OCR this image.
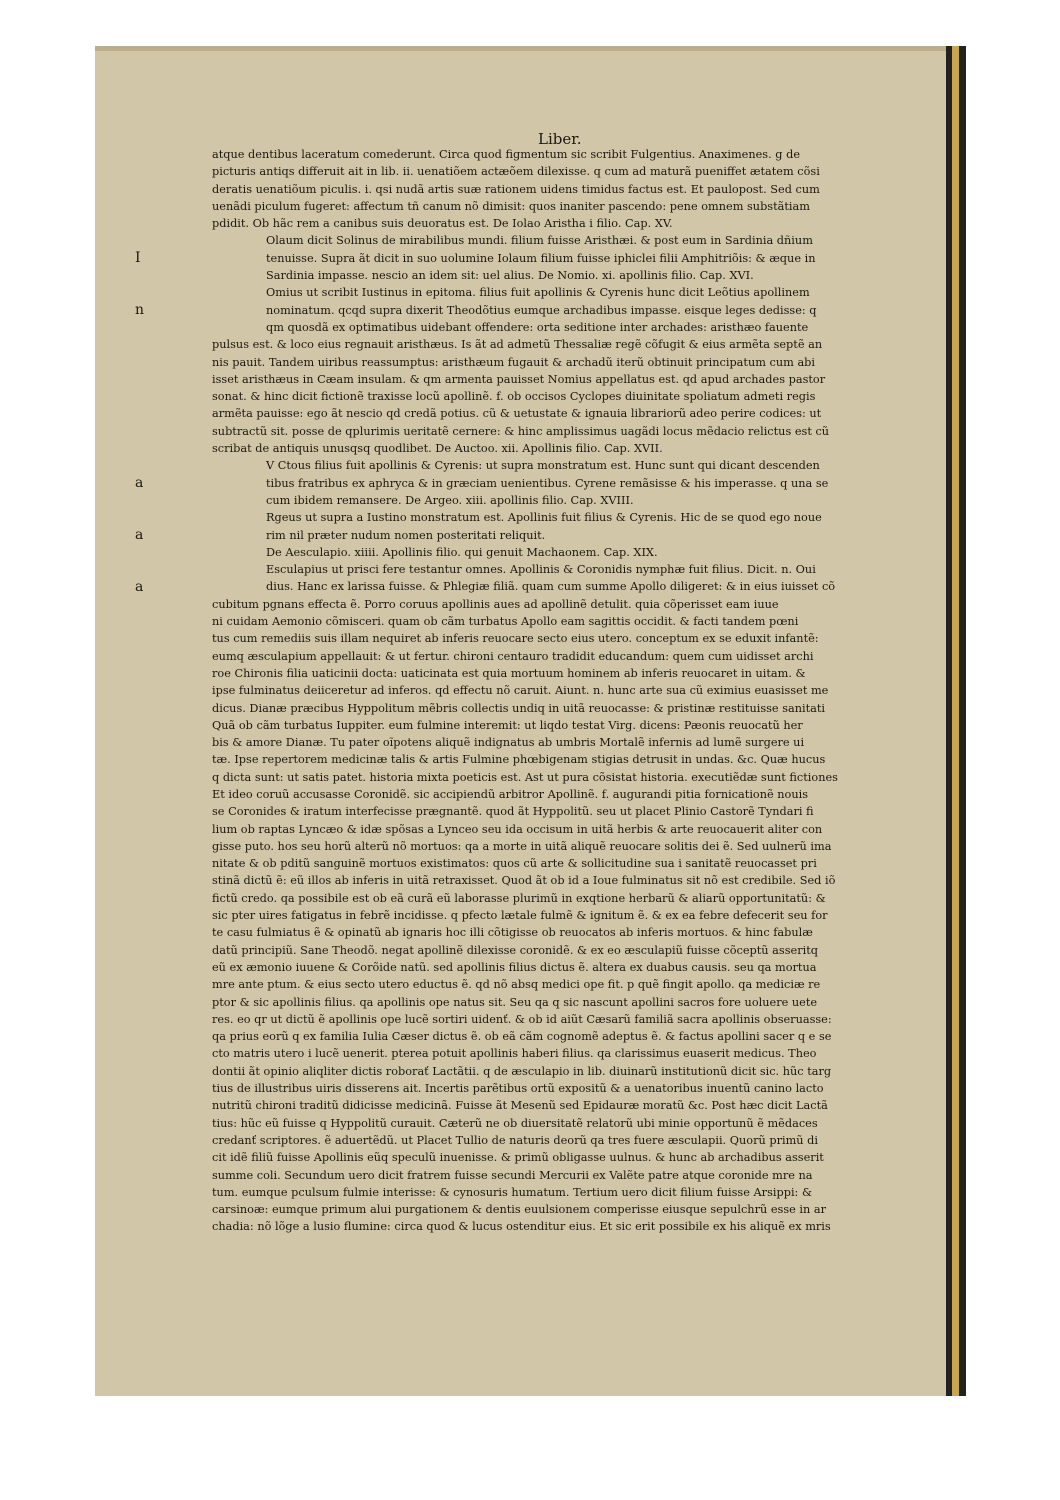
Liber.
atque dentibus laceratum comederunt. Circa quod figmentum sic scribit Fulgentius. Anaximenes. g de
picturis antiqs differuit ait in lib. ii. uenatiõem actæõem dilexisse. q cum ad maturã pueniffet ætatem cõsi
deratis uenatiõum piculis. i. qsi nudã artis suæ rationem uidens timidus factus est. Et paulopost. Sed cum
uenãdi piculum fugeret: affectum tñ canum nõ dimisit: quos inaniter pascendo: pene omnem substãtiam
pdidit. Ob hãc rem a canibus suis deuoratus est. De Iolao Aristha i filio. Cap. XV.
Olaum dicit Solinus de mirabilibus mundi. filium fuisse Aristhæi. & post eum in Sardinia dñium
tenuisse. Supra ãt dicit in suo uolumine Iolaum filium fuisse iphiclei filii Amphitriõis: & æque in
Sardinia impasse. nescio an idem sit: uel alius. De Nomio. xi. apollinis filio. Cap. XVI.
Omius ut scribit Iustinus in epitoma. filius fuit apollinis & Cyrenis hunc dicit Leõtius apollinem
nominatum. qcqd supra dixerit Theodõtius eumque archadibus impasse. eisque leges dedisse: q
qm quosdã ex optimatibus uidebant offendere: orta seditione inter archades: aristhæo fauente
pulsus est. & loco eius regnauit aristhæus. Is ãt ad admetũ Thessaliæ regẽ cõfugit & eius armẽta septẽ an
nis pauit. Tandem uiribus reassumptus: aristhæum fugauit & archadũ iterũ obtinuit principatum cum abi
isset aristhæus in Cæam insulam. & qm armenta pauisset Nomius appellatus est. qd apud archades pastor
sonat. & hinc dicit fictionẽ traxisse locũ apollinẽ. f. ob occisos Cyclopes diuinitate spoliatum admeti regis
armẽta pauisse: ego ãt nescio qd credã potius. cũ & uetustate & ignauia librariorũ adeo perire codices: ut
subtractũ sit. posse de qplurimis ueritatẽ cernere: & hinc amplissimus uagãdi locus mẽdacio relictus est cũ
scribat de antiquis unusqsq quodlibet. De Auctoo. xii. Apollinis filio. Cap. XVII.
V Ctous filius fuit apollinis & Cyrenis: ut supra monstratum est. Hunc sunt qui dicant descenden
tibus fratribus ex aphryca & in græciam uenientibus. Cyrene remãsisse & his imperasse. q una se
cum ibidem remansere. De Argeo. xiii. apollinis filio. Cap. XVIII.
Rgeus ut supra a Iustino monstratum est. Apollinis fuit filius & Cyrenis. Hic de se quod ego noue
rim nil præter nudum nomen posteritati reliquit.
De Aesculapio. xiiii. Apollinis filio. qui genuit Machaonem. Cap. XIX.
Esculapius ut prisci fere testantur omnes. Apollinis & Coronidis nymphæ fuit filius. Dicit. n. Oui
dius. Hanc ex larissa fuisse. & Phlegiæ filiã. quam cum summe Apollo diligeret: & in eius iuisset cõ
cubitum pgnans effecta ẽ. Porro coruus apollinis aues ad apollinẽ detulit. quia cõperisset eam iuue
ni cuidam Aemonio cõmisceri. quam ob cãm turbatus Apollo eam sagittis occidit. & facti tandem pœni
tus cum remediis suis illam nequiret ab inferis reuocare secto eius utero. conceptum ex se eduxit infantẽ:
eumq æsculapium appellauit: & ut fertur. chironi centauro tradidit educandum: quem cum uidisset archi
roe Chironis filia uaticinii docta: uaticinata est quia mortuum hominem ab inferis reuocaret in uitam. &
ipse fulminatus deiiceretur ad inferos. qd effectu nõ caruit. Aiunt. n. hunc arte sua cũ eximius euasisset me
dicus. Dianæ præcibus Hyppolitum mẽbris collectis undiq in uitã reuocasse: & pristinæ restituisse sanitati
Quã ob cãm turbatus Iuppiter. eum fulmine interemit: ut liqdo testat Virg. dicens: Pæonis reuocatũ her
bis & amore Dianæ. Tu pater oĩpotens aliquẽ indignatus ab umbris Mortalẽ infernis ad lumẽ surgere ui
tæ. Ipse repertorem medicinæ talis & artis Fulmine phœbigenam stigias detrusit in undas. &c. Quæ hucus
q dicta sunt: ut satis patet. historia mixta poeticis est. Ast ut pura cõsistat historia. executiẽdæ sunt fictiones
Et ideo coruũ accusasse Coronidẽ. sic accipiendũ arbitror Apollinẽ. f. augurandi pitia fornicationẽ nouis
se Coronides & iratum interfecisse prægnantẽ. quod ãt Hyppolitũ. seu ut placet Plinio Castorẽ Tyndari fi
lium ob raptas Lyncæo & idæ spõsas a Lynceo seu ida occisum in uitã herbis & arte reuocauerit aliter con
gisse puto. hos seu horũ alterũ nõ mortuos: qa a morte in uitã aliquẽ reuocare solitis dei ẽ. Sed uulnerũ ima
nitate & ob pditũ sanguinẽ mortuos existimatos: quos cũ arte & sollicitudine sua i sanitatẽ reuocasset pri
stinã dictũ ẽ: eũ illos ab inferis in uitã retraxisset. Quod ãt ob id a Ioue fulminatus sit nõ est credibile. Sed iõ
fictũ credo. qa possibile est ob eã curã eũ laborasse plurimũ in exqtione herbarũ & aliarũ opportunitatũ: &
sic pter uires fatigatus in febrẽ incidisse. q pfecto lætale fulmẽ & ignitum ẽ. & ex ea febre defecerit seu for
te casu fulmiatus ẽ & opinatũ ab ignaris hoc illi cõtigisse ob reuocatos ab inferis mortuos. & hinc fabulæ
datũ principiũ. Sane Theodõ. negat apollinẽ dilexisse coronidẽ. & ex eo æsculapiũ fuisse cõceptũ asseritq
eũ ex æmonio iuuene & Corõide natũ. sed apollinis filius dictus ẽ. altera ex duabus causis. seu qa mortua
mre ante ptum. & eius secto utero eductus ẽ. qd nõ absq medici ope fit. p quẽ fingit apollo. qa mediciæ re
ptor & sic apollinis filius. qa apollinis ope natus sit. Seu qa q sic nascunt apollini sacros fore uoluere uete
res. eo qr ut dictũ ẽ apollinis ope lucẽ sortiri uidenť. & ob id aiũt Cæsarũ familiã sacra apollinis obseruasse:
qa prius eorũ q ex familia Iulia Cæser dictus ẽ. ob eã cãm cognomẽ adeptus ẽ. & factus apollini sacer q e se
cto matris utero i lucẽ uenerit. pterea potuit apollinis haberi filius. qa clarissimus euaserit medicus. Theo
dontii ãt opinio aliqliter dictis roborať Lactãtii. q de æsculapio in lib. diuinarũ institutionũ dicit sic. hũc targ
tius de illustribus uiris disserens ait. Incertis parẽtibus ortũ expositũ & a uenatoribus inuentũ canino lacto
nutritũ chironi traditũ didicisse medicinã. Fuisse ãt Mesenũ sed Epidauræ moratũ &c. Post hæc dicit Lactã
tius: hũc eũ fuisse q Hyppolitũ curauit. Cæterũ ne ob diuersitatẽ relatorũ ubi minie opportunũ ẽ mẽdaces
credanť scriptores. ẽ aduertẽdũ. ut Placet Tullio de naturis deorũ qa tres fuere æsculapii. Quorũ primũ di
cit idẽ filiũ fuisse Apollinis eũq speculũ inuenisse. & primũ obligasse uulnus. & hunc ab archadibus asserit
summe coli. Secundum uero dicit fratrem fuisse secundi Mercurii ex Valẽte patre atque coronide mre na
tum. eumque pculsum fulmie interisse: & cynosuris humatum. Tertium uero dicit filium fuisse Arsippi: &
carsinoæ: eumque primum alui purgationem & dentis euulsionem comperisse eiusque sepulchrũ esse in ar
chadia: nõ lõge a lusio flumine: circa quod & lucus ostenditur eius. Et sic erit possibile ex his aliquẽ ex mris
I
n
a
a
a
